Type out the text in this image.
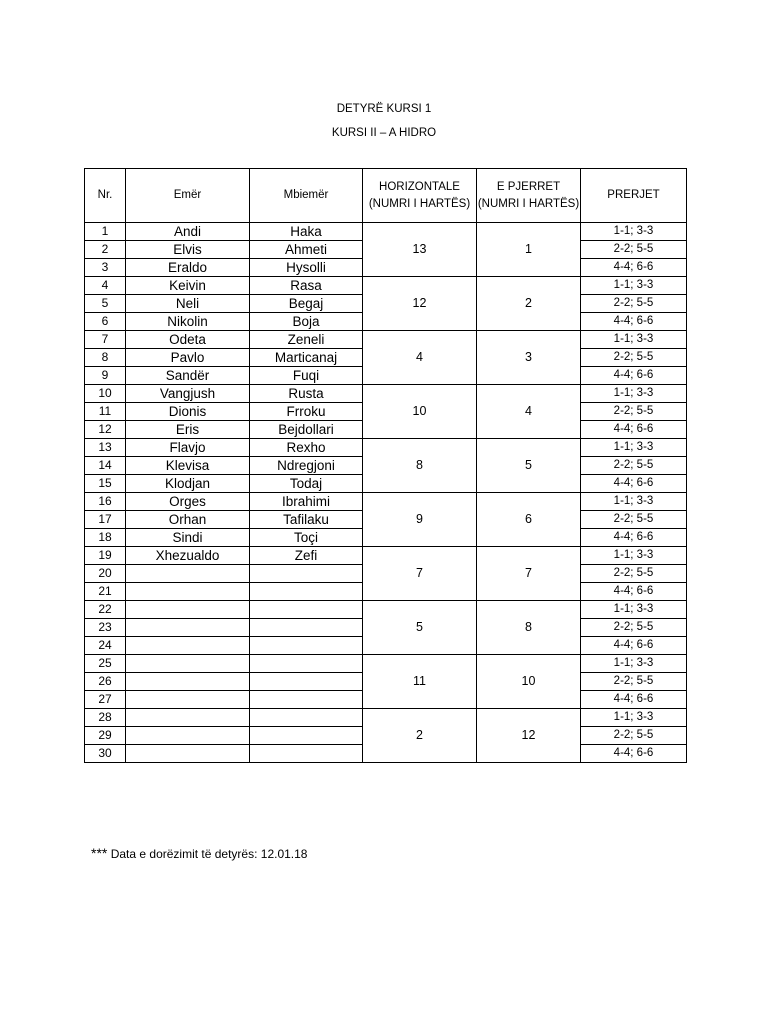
DETYRË KURSI 1
KURSI II – A HIDRO
Nr.	Emër	Mbiemër	HORIZONTALE (NUMRI I HARTËS)	E PJERRET (NUMRI I HARTËS)	PRERJET
1	Andi	Haka	13	1	1-1; 3-3
2	Elvis	Ahmeti			2-2; 5-5
3	Eraldo	Hysolli			4-4; 6-6
4	Keivin	Rasa	12	2	1-1; 3-3
5	Neli	Begaj			2-2; 5-5
6	Nikolin	Boja			4-4; 6-6
7	Odeta	Zeneli	4	3	1-1; 3-3
8	Pavlo	Marticanaj			2-2; 5-5
9	Sandër	Fuqi			4-4; 6-6
10	Vangjush	Rusta	10	4	1-1; 3-3
11	Dionis	Frroku			2-2; 5-5
12	Eris	Bejdollari			4-4; 6-6
13	Flavjo	Rexho	8	5	1-1; 3-3
14	Klevisa	Ndregjoni			2-2; 5-5
15	Klodjan	Todaj			4-4; 6-6
16	Orges	Ibrahimi	9	6	1-1; 3-3
17	Orhan	Tafilaku			2-2; 5-5
18	Sindi	Toçi			4-4; 6-6
19	Xhezualdo	Zefi	7	7	1-1; 3-3
20					2-2; 5-5
21					4-4; 6-6
22			5	8	1-1; 3-3
23					2-2; 5-5
24					4-4; 6-6
25			11	10	1-1; 3-3
26					2-2; 5-5
27					4-4; 6-6
28			2	12	1-1; 3-3
29					2-2; 5-5
30					4-4; 6-6
*** Data e dorëzimit të detyrës: 12.01.18
